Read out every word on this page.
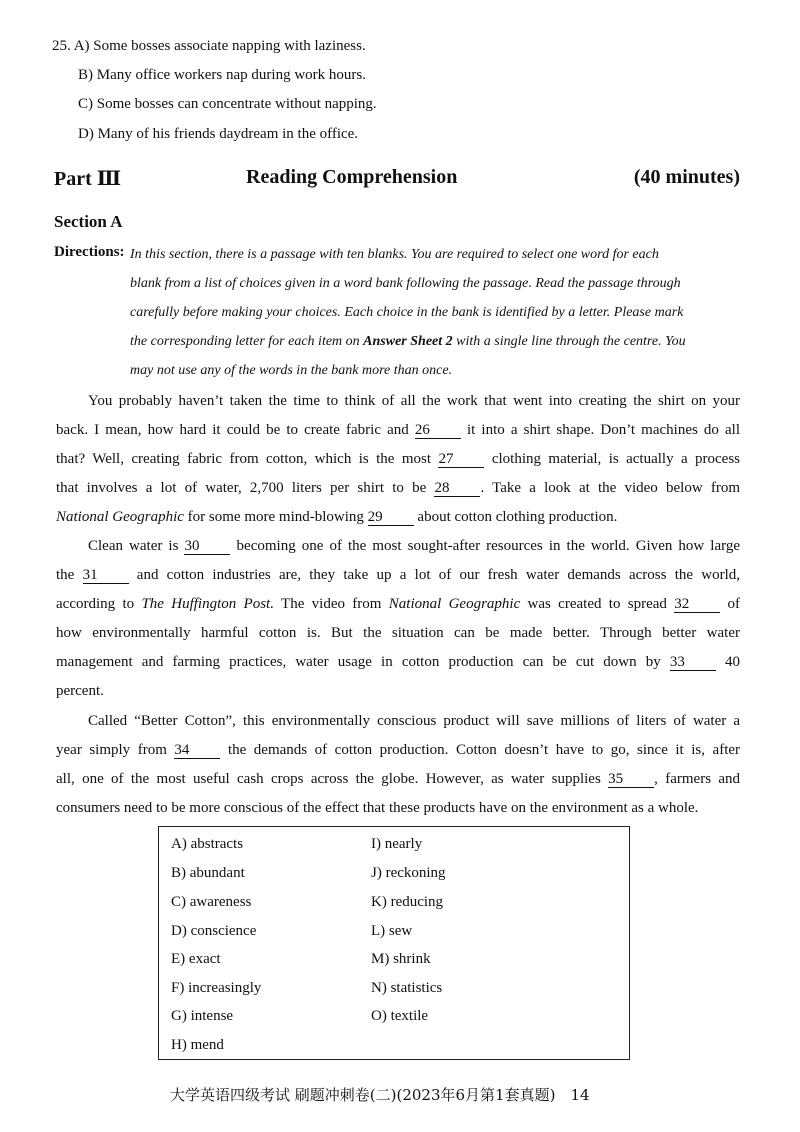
25. A) Some bosses associate napping with laziness.
B) Many office workers nap during work hours.
C) Some bosses can concentrate without napping.
D) Many of his friends daydream in the office.
Part Ⅲ	Reading Comprehension	(40 minutes)
Section A
Directions: In this section, there is a passage with ten blanks. You are required to select one word for each
blank from a list of choices given in a word bank following the passage. Read the passage through
carefully before making your choices. Each choice in the bank is identified by a letter. Please mark
the corresponding letter for each item on Answer Sheet 2 with a single line through the centre. You
may not use any of the words in the bank more than once.
You probably haven’t taken the time to think of all the work that went into creating the shirt on your
back. I mean, how hard it could be to create fabric and 26 it into a shirt shape. Don’t machines do all
that? Well, creating fabric from cotton, which is the most 27	clothing material, is actually a process
that involves a lot of water, 2,700 liters per shirt to be 28 . Take a look at the video below from
National Geographic for some more mind-blowing 29 about cotton clothing production.
Clean water is 30 becoming one of the most sought-after resources in the world. Given how large
the 31	and cotton industries are, they take up a lot of our fresh water demands across the world,
according to The Huffington Post. The video from National Geographic was created to spread 32	of
how environmentally harmful cotton is. But the situation can be made better. Through better water
management and farming practices, water usage in cotton production can be cut down by 33	40
percent.
Called “Better Cotton”, this environmentally conscious product will save millions of liters of water a
year simply from 34	the demands of cotton production. Cotton doesn’t have to go, since it is, after
all, one of the most useful cash crops across the globe. However, as water supplies 35 , farmers and
consumers need to be more conscious of the effect that these products have on the environment as a whole.
A) abstracts
B) abundant
C) awareness
D) conscience
E) exact
F) increasingly
G) intense
H) mend
I) nearly
J) reckoning
K) reducing
L) sew
M) shrink
N) statistics
O) textile
大学英语四级考试 刷题冲刺卷(二)(2023年6月第1套真题)　14
